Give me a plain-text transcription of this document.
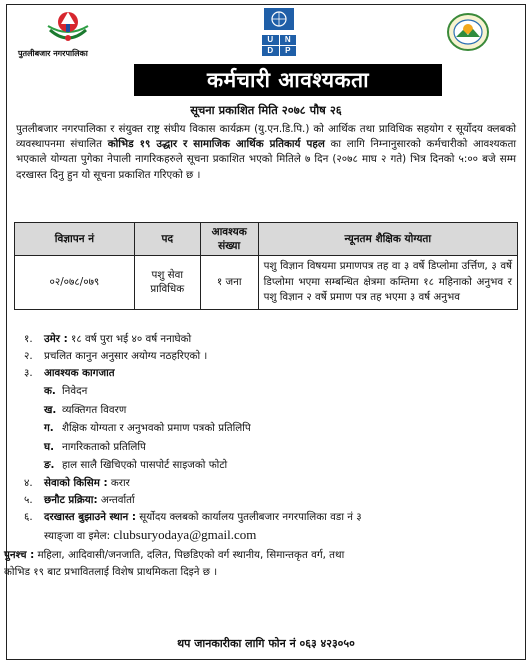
पुतलीबजार नगरपालिका
U	N
D	P
कर्मचारी आवश्यकता
सूचना प्रकाशित मिति २०७८ पौष २६
पुतलीबजार नगरपालिका र संयुक्त राष्ट्र संघीय विकास कार्यक्रम (यु.एन.डि.पि.) को आर्थिक तथा प्राविधिक सहयोग र सूर्योदय क्लबको व्यवस्थापनमा संचालित कोभिड १९ उद्धार र सामाजिक आर्थिक प्रतिकार्य पहल का लागि निम्नानुसारको कर्मचारीको आवश्यकता भएकाले योग्यता पुगेका नेपाली नागरिकहरुले सूचना प्रकाशित भएको मितिले ७ दिन (२०७८ माघ २ गते) भित्र दिनको ५:०० बजे सम्म दरखास्त दिनु हुन यो सूचना प्रकाशित गरिएको छ ।
विज्ञापन नं	पद	आवश्यक संख्या	न्यूनतम शैक्षिक योग्यता
०२/०७८/०७९	पशु सेवा प्राविधिक	१ जना	पशु विज्ञान विषयमा प्रमाणपत्र तह वा ३ वर्षे डिप्लोमा उर्त्तिण, ३ वर्षे डिप्लोमा भएमा सम्बन्धित क्षेत्रमा कम्तिमा १८ महिनाको अनुभव र पशु विज्ञान २ वर्षे प्रमाण पत्र तह भएमा ३ वर्ष अनुभव
१.	उमेर : १८ वर्ष पुरा भई ४० वर्ष ननाघेको
२.	प्रचलित कानुन अनुसार अयोग्य नठहरिएको ।
३.	आवश्यक कागजात
क. निवेदन
ख. व्यक्तिगत विवरण
ग. शैक्षिक योग्यता र अनुभवको प्रमाण पत्रको प्रतिलिपि
घ. नागरिकताको प्रतिलिपि
ङ. हाल सालै खिचिएको पासपोर्ट साइजको फोटो
४.	सेवाको किसिम : करार
५.	छनौट प्रक्रिया: अन्तर्वार्ता
६.	दरखास्त बुझाउने स्थान : सूर्योदय क्लबको कार्यालय पुतलीबजार नगरपालिका वडा नं ३
स्याङ्जा वा इमेल: clubsuryodaya@gmail.com
पुनश्च : महिला, आदिवासी/जनजाति, दलित, पिछडिएको वर्ग स्थानीय, सिमान्तकृत वर्ग, तथा
कोभिड १९ बाट प्रभावितलाई विशेष प्राथमिकता दिइने छ ।
थप जानकारीका लागि फोन नं ०६३ ४२३०५०
